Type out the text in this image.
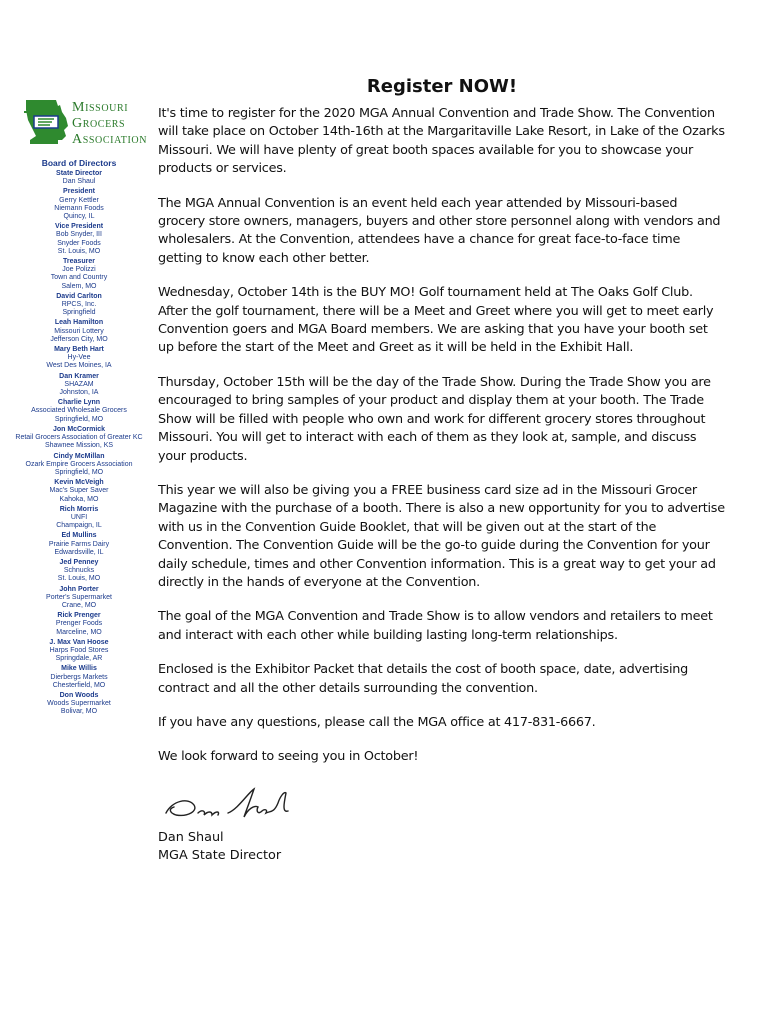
MISSOURI
GROCERS
ASSOCIATION
Board of Directors
State Director
Dan Shaul
President
Gerry Kettler
Niemann Foods
Quincy, IL
Vice President
Bob Snyder, III
Snyder Foods
St. Louis, MO
Treasurer
Joe Polizzi
Town and Country
Salem, MO
David Carlton
RPCS, Inc.
Springfield
Leah Hamilton
Missouri Lottery
Jefferson City, MO
Mary Beth Hart
Hy-Vee
West Des Moines, IA
Dan Kramer
SHAZAM
Johnston, IA
Charlie Lynn
Associated Wholesale Grocers
Springfield, MO
Jon McCormick
Retail Grocers Association of Greater KC
Shawnee Mission, KS
Cindy McMillan
Ozark Empire Grocers Association
Springfield, MO
Kevin McVeigh
Mac's Super Saver
Kahoka, MO
Rich Morris
UNFI
Champaign, IL
Ed Mullins
Prairie Farms Dairy
Edwardsville, IL
Jed Penney
Schnucks
St. Louis, MO
John Porter
Porter's Supermarket
Crane, MO
Rick Prenger
Prenger Foods
Marceline, MO
J. Max Van Hoose
Harps Food Stores
Springdale, AR
Mike Willis
Dierbergs Markets
Chesterfield, MO
Don Woods
Woods Supermarket
Bolivar, MO
Register NOW!

It's time to register for the 2020 MGA Annual Convention and Trade Show. The Convention will take place on October 14th-16th at the Margaritaville Lake Resort, in Lake of the Ozarks Missouri. We will have plenty of great booth spaces available for you to showcase your products or services.

The MGA Annual Convention is an event held each year attended by Missouri-based grocery store owners, managers, buyers and other store personnel along with vendors and wholesalers. At the Convention, attendees have a chance for great face-to-face time getting to know each other better.

Wednesday, October 14th is the BUY MO! Golf tournament held at The Oaks Golf Club. After the golf tournament, there will be a Meet and Greet where you will get to meet early Convention goers and MGA Board members. We are asking that you have your booth set up before the start of the Meet and Greet as it will be held in the Exhibit Hall.

Thursday, October 15th will be the day of the Trade Show. During the Trade Show you are encouraged to bring samples of your product and display them at your booth. The Trade Show will be filled with people who own and work for different grocery stores throughout Missouri. You will get to interact with each of them as they look at, sample, and discuss your products.

This year we will also be giving you a FREE business card size ad in the Missouri Grocer Magazine with the purchase of a booth. There is also a new opportunity for you to advertise with us in the Convention Guide Booklet, that will be given out at the start of the Convention. The Convention Guide will be the go-to guide during the Convention for your daily schedule, times and other Convention information. This is a great way to get your ad directly in the hands of everyone at the Convention.

The goal of the MGA Convention and Trade Show is to allow vendors and retailers to meet and interact with each other while building lasting long-term relationships.

Enclosed is the Exhibitor Packet that details the cost of booth space, date, advertising contract and all the other details surrounding the convention.

If you have any questions, please call the MGA office at 417-831-6667.

We look forward to seeing you in October!

Dan Shaul
MGA State Director
